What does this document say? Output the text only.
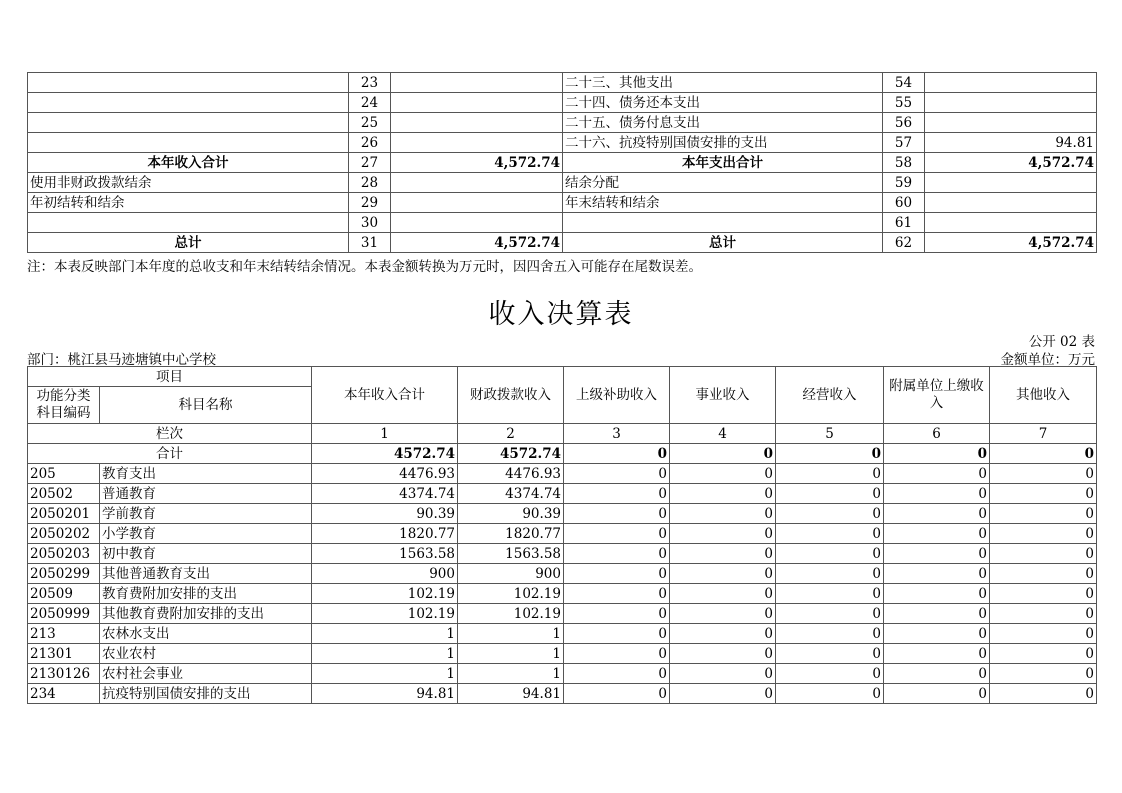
	23		二十三、其他支出	54	
	24		二十四、债务还本支出	55	
	25		二十五、债务付息支出	56	
	26		二十六、抗疫特别国债安排的支出	57	94.81
本年收入合计	27	4,572.74	本年支出合计	58	4,572.74
使用非财政拨款结余	28		结余分配	59	
年初结转和结余	29		年末结转和结余	60	
	30			61	
总计	31	4,572.74	总计	62	4,572.74
注：本表反映部门本年度的总收支和年末结转结余情况。本表金额转换为万元时，因四舍五入可能存在尾数误差。
收入决算表
公开 02 表
部门：桃江县马迹塘镇中心学校	金额单位：万元
项目		本年收入合计	财政拨款收入	上级补助收入	事业收入	经营收入	附属单位上缴收入	其他收入
功能分类科目编码	科目名称							

栏次		1	2	3	4	5	6	7
合计		4572.74	4572.74	0	0	0	0	0
205	教育支出	4476.93	4476.93	0	0	0	0	0
20502	普通教育	4374.74	4374.74	0	0	0	0	0
2050201	学前教育	90.39	90.39	0	0	0	0	0
2050202	小学教育	1820.77	1820.77	0	0	0	0	0
2050203	初中教育	1563.58	1563.58	0	0	0	0	0
2050299	其他普通教育支出	900	900	0	0	0	0	0
20509	教育费附加安排的支出	102.19	102.19	0	0	0	0	0
2050999	其他教育费附加安排的支出	102.19	102.19	0	0	0	0	0
213	农林水支出	1	1	0	0	0	0	0
21301	农业农村	1	1	0	0	0	0	0
2130126	农村社会事业	1	1	0	0	0	0	0
234	抗疫特别国债安排的支出	94.81	94.81	0	0	0	0	0
